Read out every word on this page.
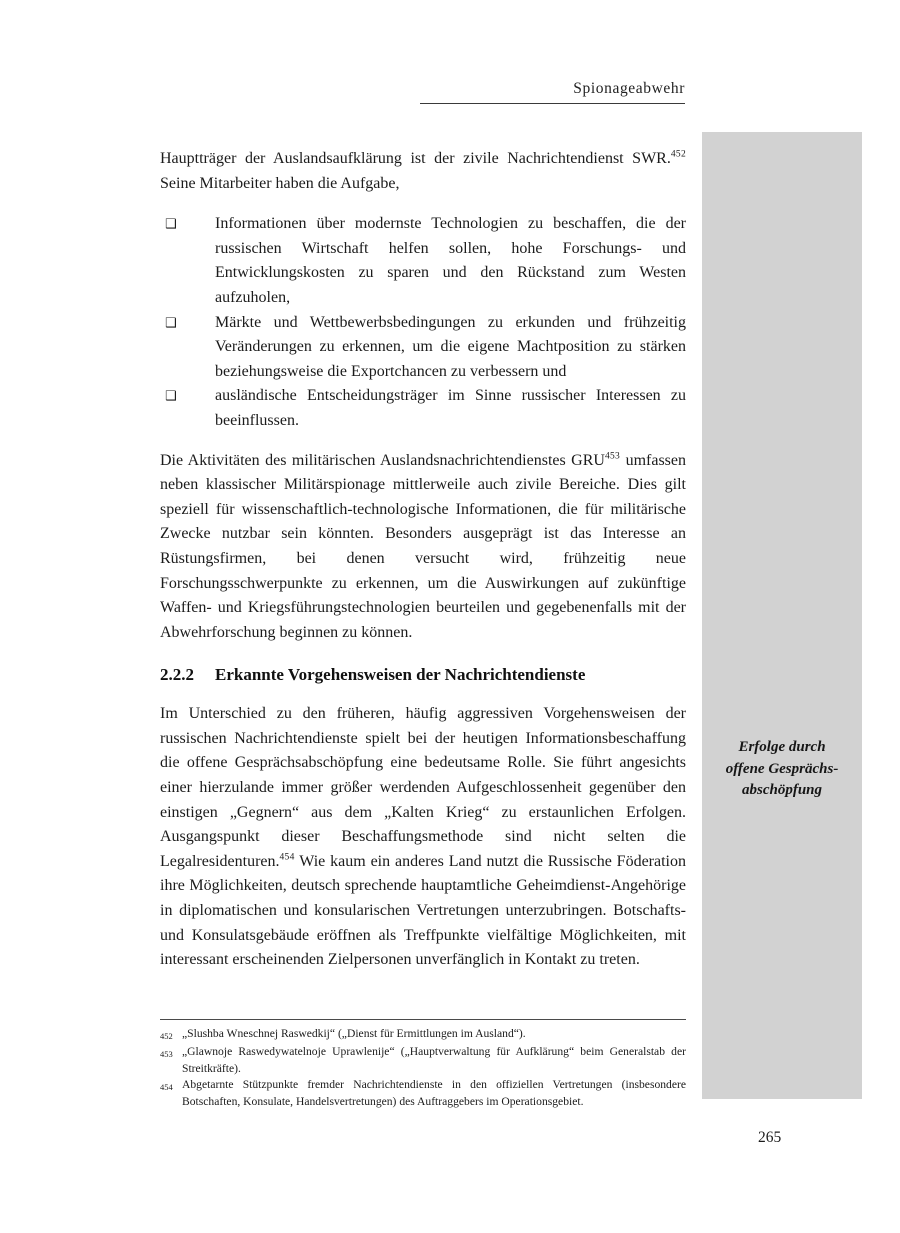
Spionageabwehr
Erfolge durch
offene Gesprächs-
abschöpfung

Hauptträger der Auslandsaufklärung ist der zivile Nachrichtendienst SWR.$^{452}$ Seine Mitarbeiter haben die Aufgabe,

❑ Informationen über modernste Technologien zu beschaffen, die der russischen Wirtschaft helfen sollen, hohe Forschungs- und Entwicklungskosten zu sparen und den Rückstand zum Westen aufzuholen,
❑ Märkte und Wettbewerbsbedingungen zu erkunden und frühzeitig Veränderungen zu erkennen, um die eigene Machtposition zu stärken beziehungsweise die Exportchancen zu verbessern und
❑ ausländische Entscheidungsträger im Sinne russischer Interessen zu beeinflussen.

Die Aktivitäten des militärischen Auslandsnachrichtendienstes GRU$^{453}$ umfassen neben klassischer Militärspionage mittlerweile auch zivile Bereiche. Dies gilt speziell für wissenschaftlich-technologische Informationen, die für militärische Zwecke nutzbar sein könnten. Besonders ausgeprägt ist das Interesse an Rüstungsfirmen, bei denen versucht wird, frühzeitig neue Forschungsschwerpunkte zu erkennen, um die Auswirkungen auf zukünftige Waffen- und Kriegsführungstechnologien beurteilen und gegebenenfalls mit der Abwehrforschung beginnen zu können.

2.2.2 Erkannte Vorgehensweisen der Nachrichtendienste

Im Unterschied zu den früheren, häufig aggressiven Vorgehensweisen der russischen Nachrichtendienste spielt bei der heutigen Informationsbeschaffung die offene Gesprächsabschöpfung eine bedeutsame Rolle. Sie führt angesichts einer hierzulande immer größer werdenden Aufgeschlossenheit gegenüber den einstigen „Gegnern“ aus dem „Kalten Krieg“ zu erstaunlichen Erfolgen. Ausgangspunkt dieser Beschaffungsmethode sind nicht selten die Legalresidenturen.$^{454}$ Wie kaum ein anderes Land nutzt die Russische Föderation ihre Möglichkeiten, deutsch sprechende hauptamtliche Geheimdienst-Angehörige in diplomatischen und konsularischen Vertretungen unterzubringen. Botschafts- und Konsulatsgebäude eröffnen als Treffpunkte vielfältige Möglichkeiten, mit interessant erscheinenden Zielpersonen unverfänglich in Kontakt zu treten.

452 „Slushba Wneschnej Raswedkij“ („Dienst für Ermittlungen im Ausland“).
453 „Glawnoje Raswedywatelnoje Uprawlenije“ („Hauptverwaltung für Aufklärung“ beim Generalstab der Streitkräfte).
454 Abgetarnte Stützpunkte fremder Nachrichtendienste in den offiziellen Vertretungen (insbesondere Botschaften, Konsulate, Handelsvertretungen) des Auftraggebers im Operationsgebiet.
265
